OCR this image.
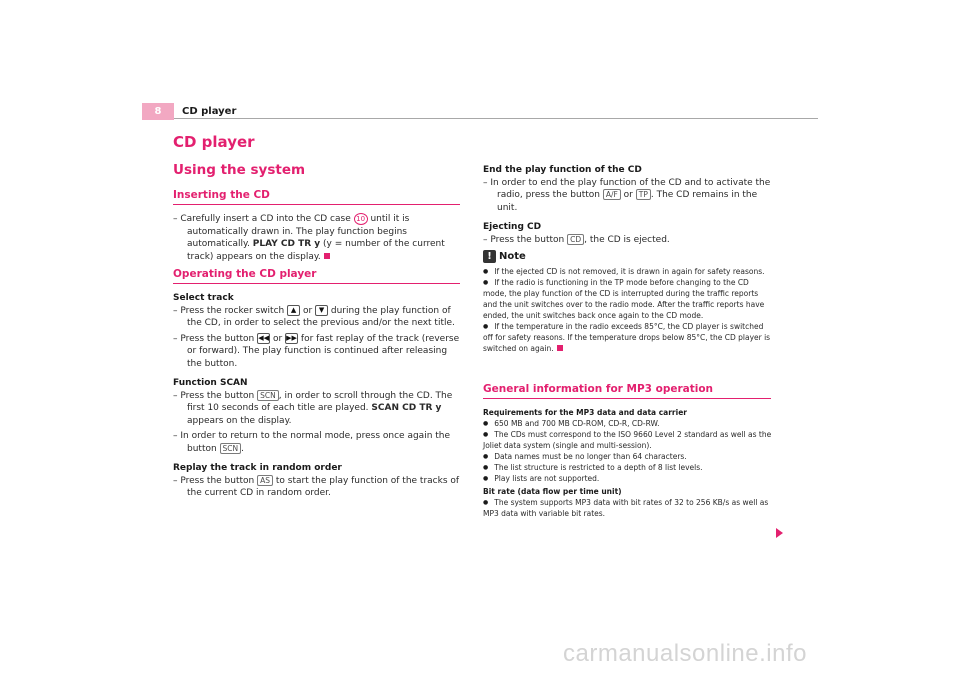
8	CD player
CD player
Using the system
Inserting the CD

– Carefully insert a CD into the CD case 10 until it is automatically drawn in. The play function begins automatically. PLAY CD TR y (y = number of the current track) appears on the display.

Operating the CD player

Select track

– Press the rocker switch ▲ or ▼ during the play function of the CD, in order to select the previous and/or the next title.

– Press the button ◀◀ or ▶▶ for fast replay of the track (reverse or forward). The play function is continued after releasing the button.

Function SCAN

– Press the button SCN , in order to scroll through the CD. The first 10 seconds of each title are played. SCAN CD TR y appears on the display.

– In order to return to the normal mode, press once again the button SCN .

Replay the track in random order

– Press the button AS to start the play function of the tracks of the current CD in random order.

End the play function of the CD

– In order to end the play function of the CD and to activate the radio, press the button A/F or TP . The CD remains in the unit.

Ejecting CD

– Press the button CD , the CD is ejected.

! Note

● If the ejected CD is not removed, it is drawn in again for safety reasons.

● If the radio is functioning in the TP mode before changing to the CD mode, the play function of the CD is interrupted during the traffic reports and the unit switches over to the radio mode. After the traffic reports have ended, the unit switches back once again to the CD mode.

● If the temperature in the radio exceeds 85°C, the CD player is switched off for safety reasons. If the temperature drops below 85°C, the CD player is switched on again.

General information for MP3 operation

Requirements for the MP3 data and data carrier

● 650 MB and 700 MB CD-ROM, CD-R, CD-RW.

● The CDs must correspond to the ISO 9660 Level 2 standard as well as the Joliet data system (single and multi-session).

● Data names must be no longer than 64 characters.

● The list structure is restricted to a depth of 8 list levels.

● Play lists are not supported.

Bit rate (data flow per time unit)

● The system supports MP3 data with bit rates of 32 to 256 KB/s as well as MP3 data with variable bit rates.

carmanualsonline.info
